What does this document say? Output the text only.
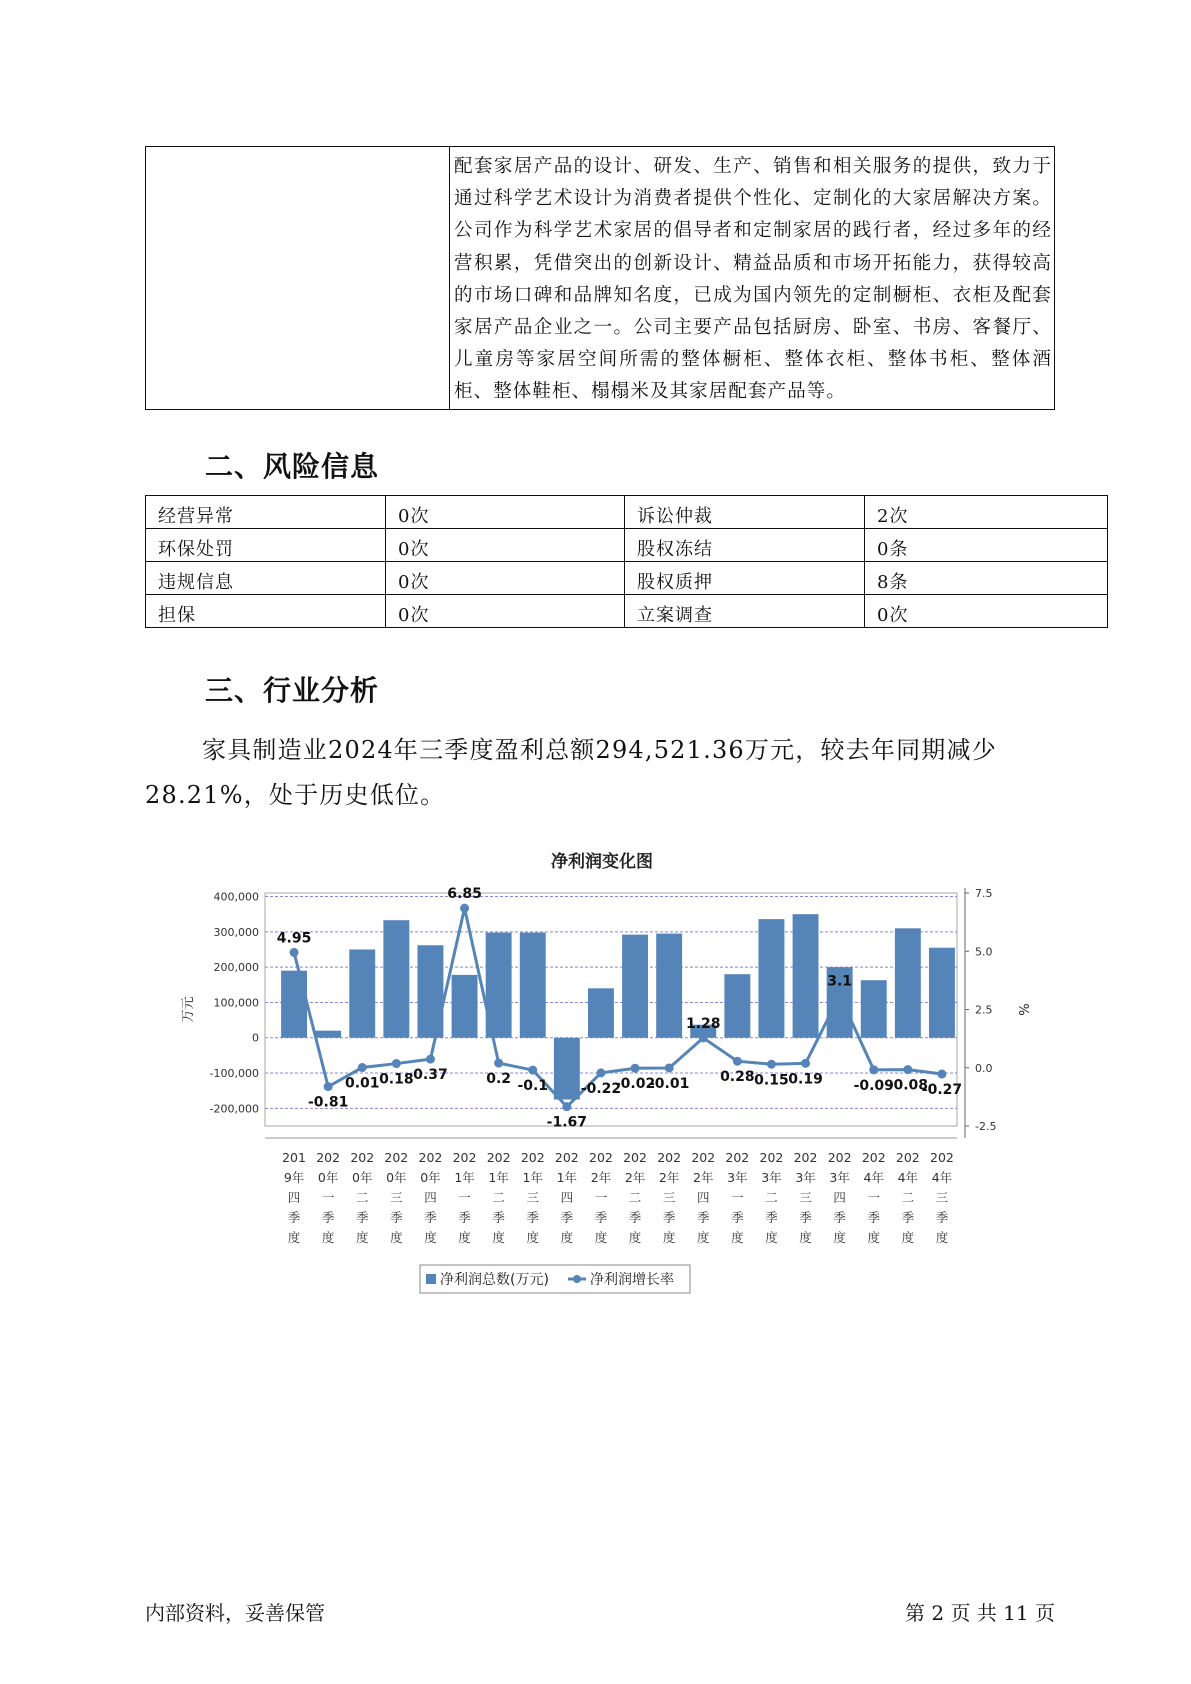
配套家居产品的设计、研发、生产、销售和相关服务的提供，致力于通过科学艺术设计为消费者提供个性化、定制化的大家居解决方案。公司作为科学艺术家居的倡导者和定制家居的践行者，经过多年的经营积累，凭借突出的创新设计、精益品质和市场开拓能力，获得较高的市场口碑和品牌知名度，已成为国内领先的定制橱柜、衣柜及配套家居产品企业之一。公司主要产品包括厨房、卧室、书房、客餐厅、儿童房等家居空间所需的整体橱柜、整体衣柜、整体书柜、整体酒柜、整体鞋柜、榻榻米及其家居配套产品等。
二、风险信息
经营异常	0次	诉讼仲裁	2次
环保处罚	0次	股权冻结	0条
违规信息	0次	股权质押	8条
担保	0次	立案调查	0次
三、行业分析

家具制造业2024年三季度盈利总额294,521.36万元，较去年同期减少28.21%，处于历史低位。

净利润变化图
400,000
300,000
200,000
100,000
0
-100,000
-200,000
7.5
5.0
2.5
0.0
-2.5
万元	%
4.95
-0.81
0.01 0.18 0.37
6.85
0.2 -0.1
-1.67
-0.22
-0.02
-0.01
1.28
0.28 0.15 0.19
3.1
-0.09
-0.08
-0.27
201 9年四季度
202 0年一季度
202 0年二季度
202 0年三季度
202 0年四季度
202 1年一季度
202 1年二季度
202 1年三季度
202 1年四季度
202 2年一季度
202 2年二季度
202 2年三季度
202 2年四季度
202 3年一季度
202 3年二季度
202 3年三季度
202 3年四季度
202 4年一季度
202 4年二季度
202 4年三季度
净利润总数(万元)	净利润增长率
内部资料，妥善保管	第 2 页 共 11 页
